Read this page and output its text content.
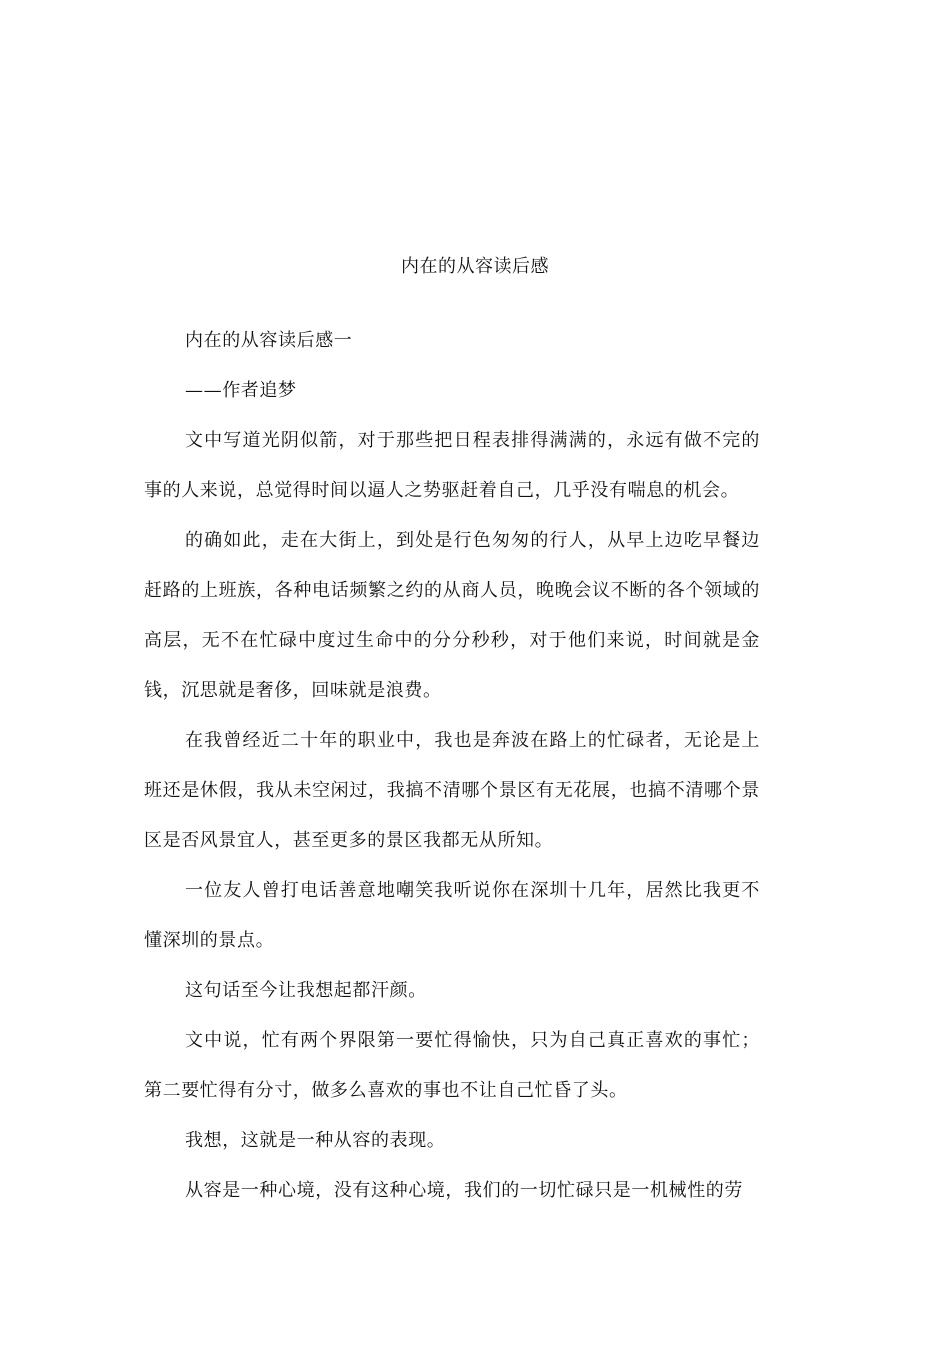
内在的从容读后感

内在的从容读后感一

——作者追梦

文中写道光阴似箭，对于那些把日程表排得满满的，永远有做不完的事的人来说，总觉得时间以逼人之势驱赶着自己，几乎没有喘息的机会。

的确如此，走在大街上，到处是行色匆匆的行人，从早上边吃早餐边赶路的上班族，各种电话频繁之约的从商人员，晚晚会议不断的各个领域的高层，无不在忙碌中度过生命中的分分秒秒，对于他们来说，时间就是金钱，沉思就是奢侈，回味就是浪费。

在我曾经近二十年的职业中，我也是奔波在路上的忙碌者，无论是上班还是休假，我从未空闲过，我搞不清哪个景区有无花展，也搞不清哪个景区是否风景宜人，甚至更多的景区我都无从所知。

一位友人曾打电话善意地嘲笑我听说你在深圳十几年，居然比我更不懂深圳的景点。

这句话至今让我想起都汗颜。

文中说，忙有两个界限第一要忙得愉快，只为自己真正喜欢的事忙；第二要忙得有分寸，做多么喜欢的事也不让自己忙昏了头。

我想，这就是一种从容的表现。

从容是一种心境，没有这种心境，我们的一切忙碌只是一机械性的劳
